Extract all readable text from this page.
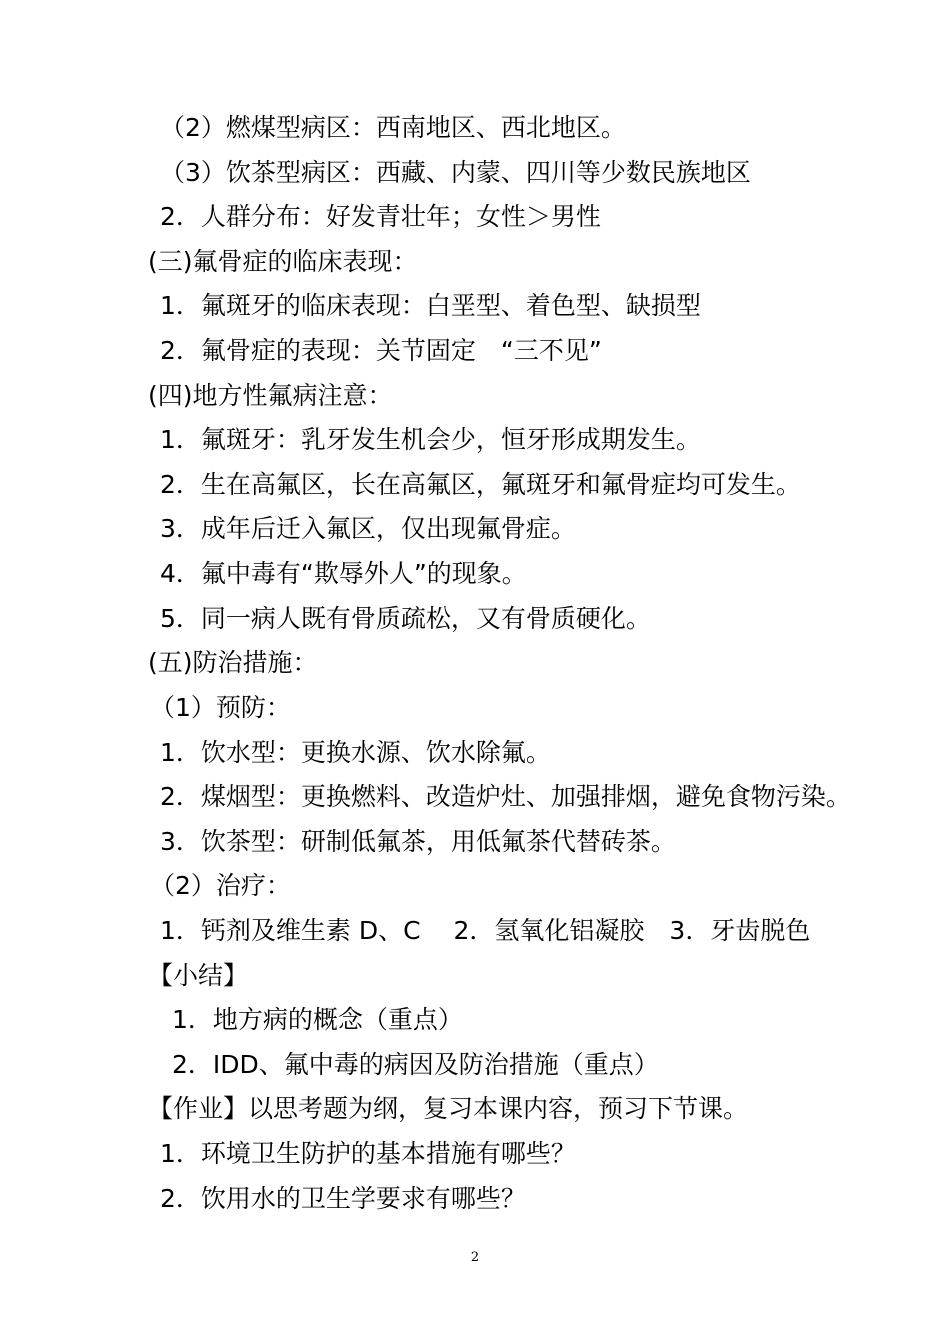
（2）燃煤型病区：西南地区、西北地区。
（3）饮茶型病区：西藏、内蒙、四川等少数民族地区
2．人群分布：好发青壮年；女性＞男性
(三)氟骨症的临床表现：
1．氟斑牙的临床表现：白垩型、着色型、缺损型
2．氟骨症的表现：关节固定　“三不见”
(四)地方性氟病注意：
1．氟斑牙：乳牙发生机会少，恒牙形成期发生。
2．生在高氟区，长在高氟区，氟斑牙和氟骨症均可发生。
3．成年后迁入氟区，仅出现氟骨症。
4．氟中毒有“欺辱外人”的现象。
5．同一病人既有骨质疏松，又有骨质硬化。
(五)防治措施：
（1）预防：
1．饮水型：更换水源、饮水除氟。
2．煤烟型：更换燃料、改造炉灶、加强排烟，避免食物污染。
3．饮茶型：研制低氟茶，用低氟茶代替砖茶。
（2）治疗：
1．钙剂及维生素 D、C　 2．氢氧化铝凝胶　3．牙齿脱色
【小结】
1．地方病的概念（重点）
2．IDD、氟中毒的病因及防治措施（重点）
【作业】以思考题为纲，复习本课内容，预习下节课。
1．环境卫生防护的基本措施有哪些？
2．饮用水的卫生学要求有哪些？
2
